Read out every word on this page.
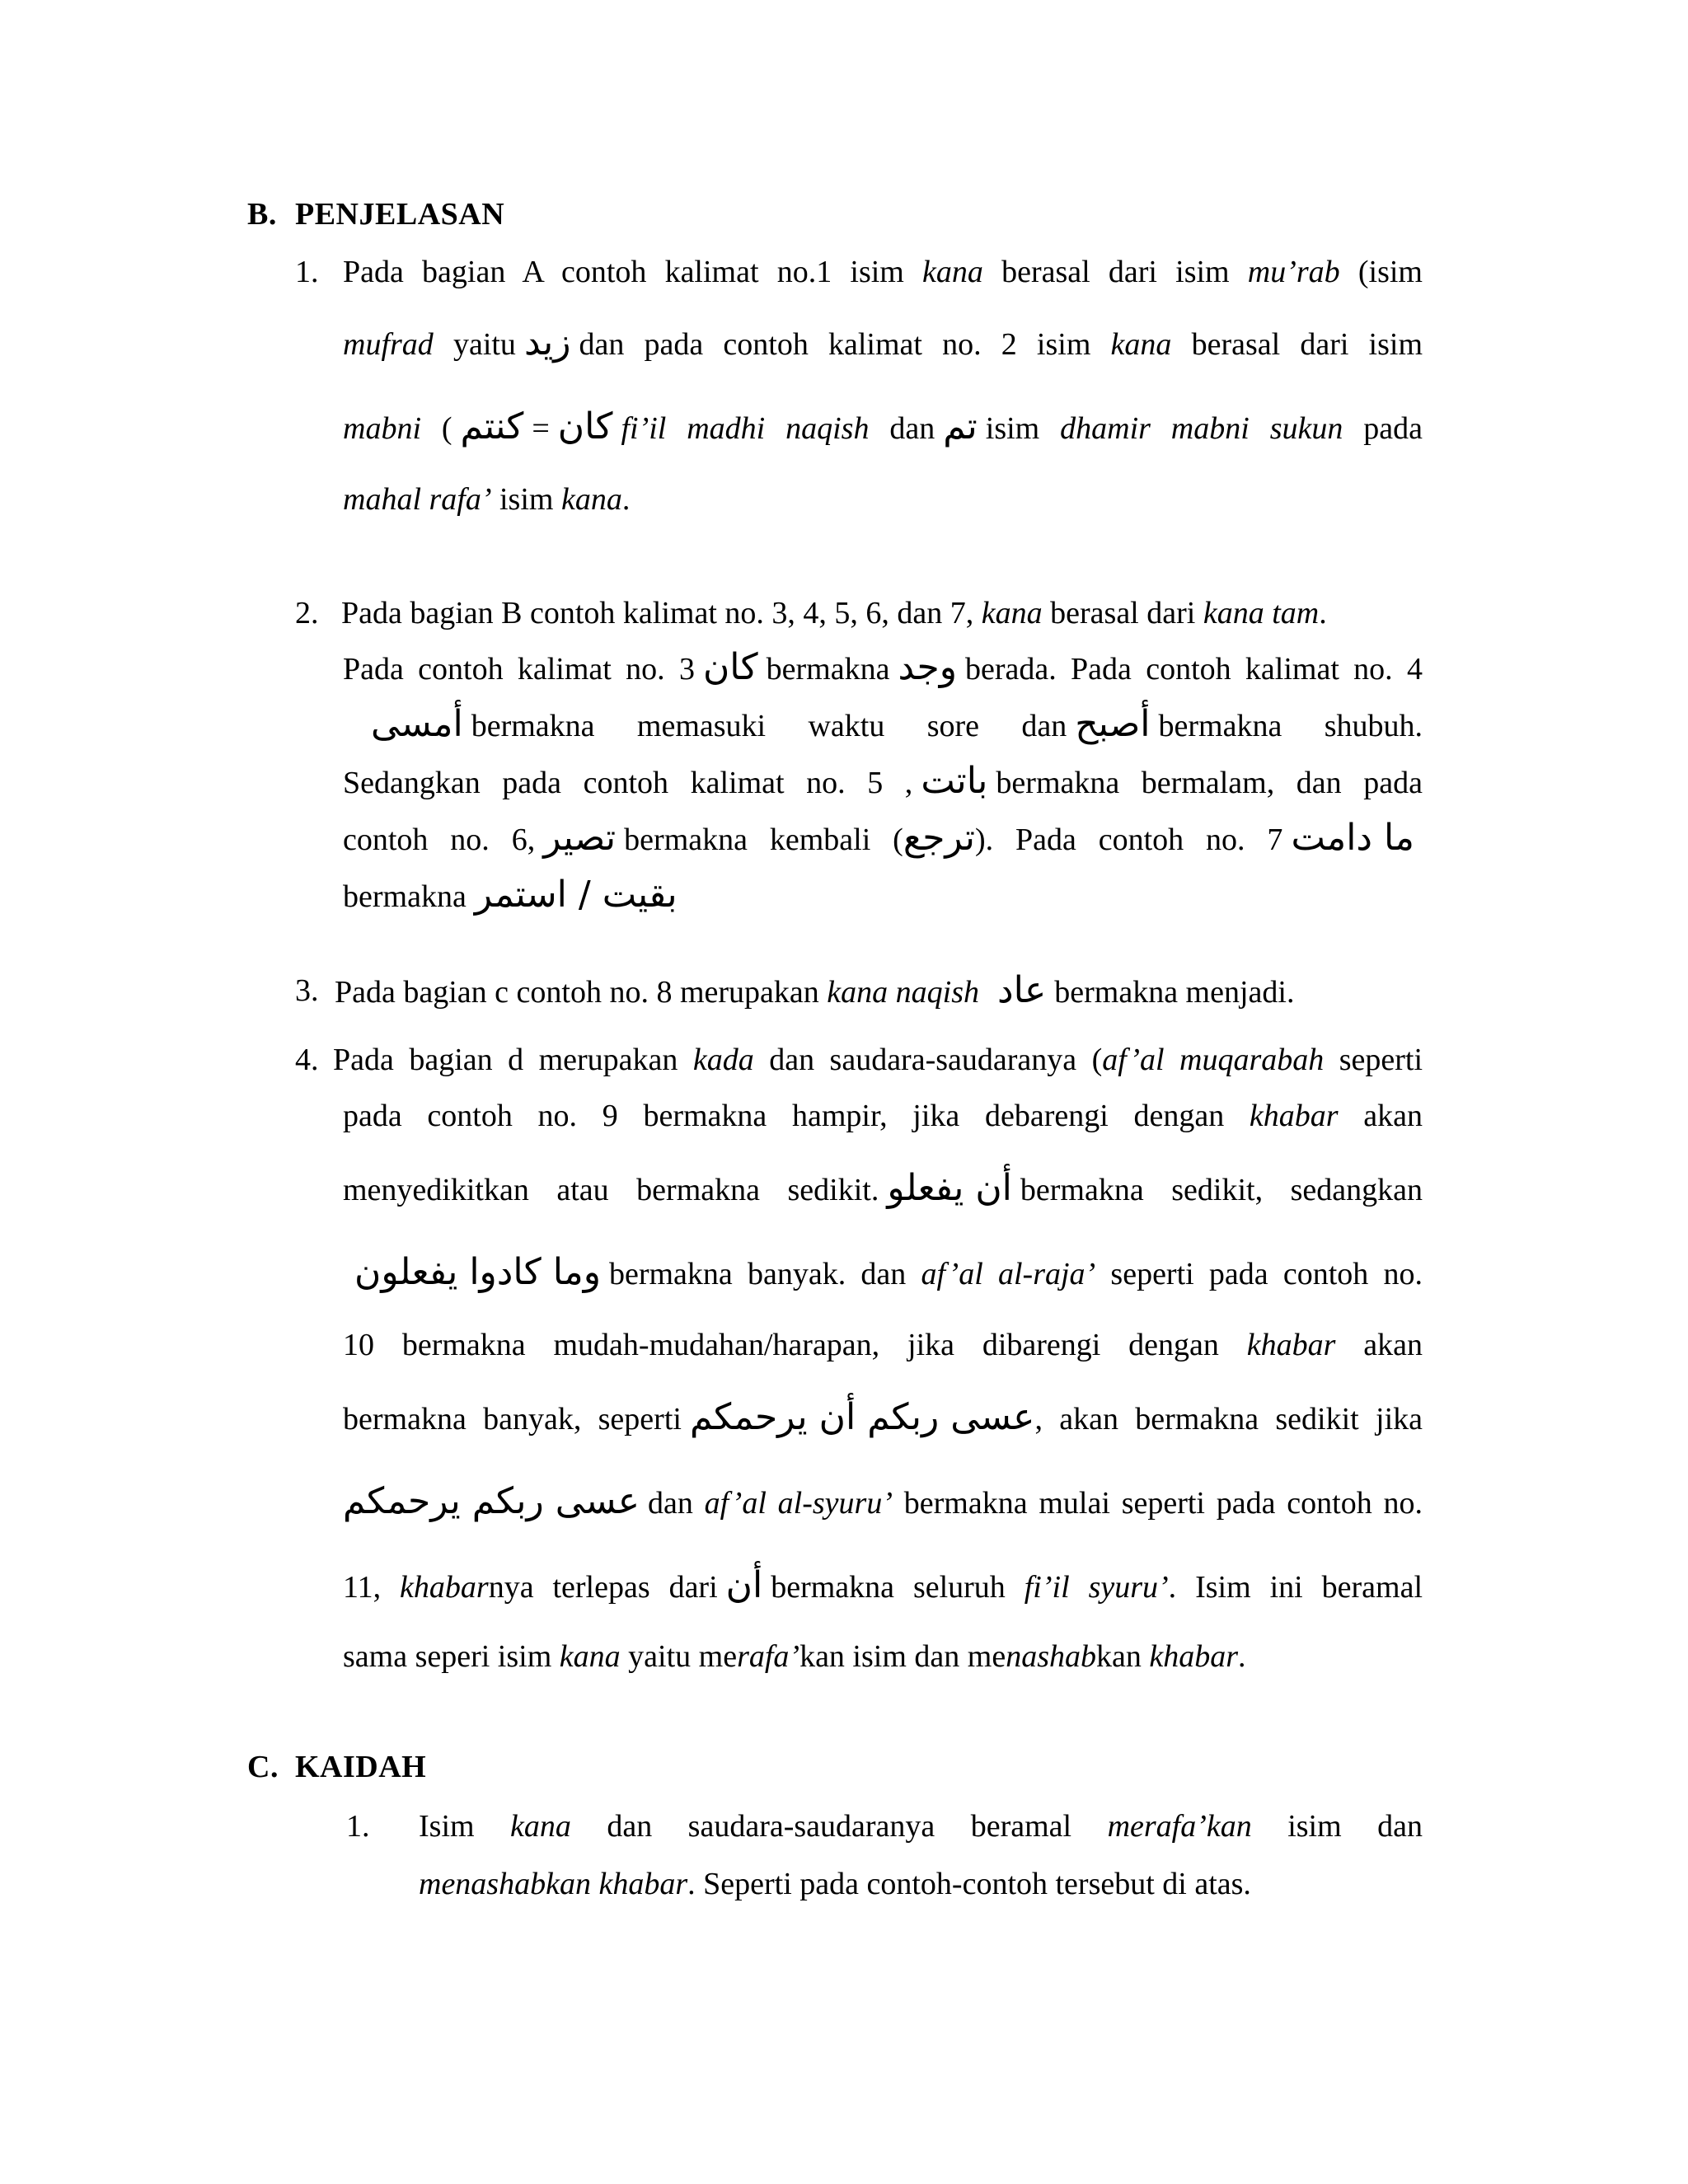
B. PENJELASAN
1. Pada bagian A contoh kalimat no.1 isim kana berasal dari isim mu’rab (isim
mufrad yaitu زيد dan pada contoh kalimat no. 2 isim kana berasal dari isim
mabni ( كنتم = كان fi’il madhi naqish dan تم isim dhamir mabni sukun pada
mahal rafa’ isim kana.
2. Pada bagian B contoh kalimat no. 3, 4, 5, 6, dan 7, kana berasal dari kana tam.
Pada contoh kalimat no. 3 كان bermakna وجد berada. Pada contoh kalimat no. 4
أمسى bermakna memasuki waktu sore dan أصبح bermakna shubuh.
Sedangkan pada contoh kalimat no. 5 , باتت bermakna bermalam, dan pada
contoh no. 6, تصير bermakna kembali (ترجع). Pada contoh no. 7 ما دامت
bermakna بقيت / استمر
3. Pada bagian c contoh no. 8 merupakan kana naqish عاد bermakna menjadi.
4. Pada bagian d merupakan kada dan saudara-saudaranya (af’al muqarabah seperti
pada contoh no. 9 bermakna hampir, jika debarengi dengan khabar akan
menyedikitkan atau bermakna sedikit. أن يفعلو bermakna sedikit, sedangkan
وما كادوا يفعلون bermakna banyak. dan af’al al-raja’ seperti pada contoh no.
10 bermakna mudah-mudahan/harapan, jika dibarengi dengan khabar akan
bermakna banyak, seperti عسى ربكم أن يرحمكم, akan bermakna sedikit jika
عسى ربكم يرحمكم dan af’al al-syuru’ bermakna mulai seperti pada contoh no.
11, khabarnya terlepas dari أن bermakna seluruh fi’il syuru’. Isim ini beramal
sama seperi isim kana yaitu merafa’kan isim dan menashabkan khabar.
C. KAIDAH
1. Isim kana dan saudara-saudaranya beramal merafa’kan isim dan
menashabkan khabar. Seperti pada contoh-contoh tersebut di atas.
